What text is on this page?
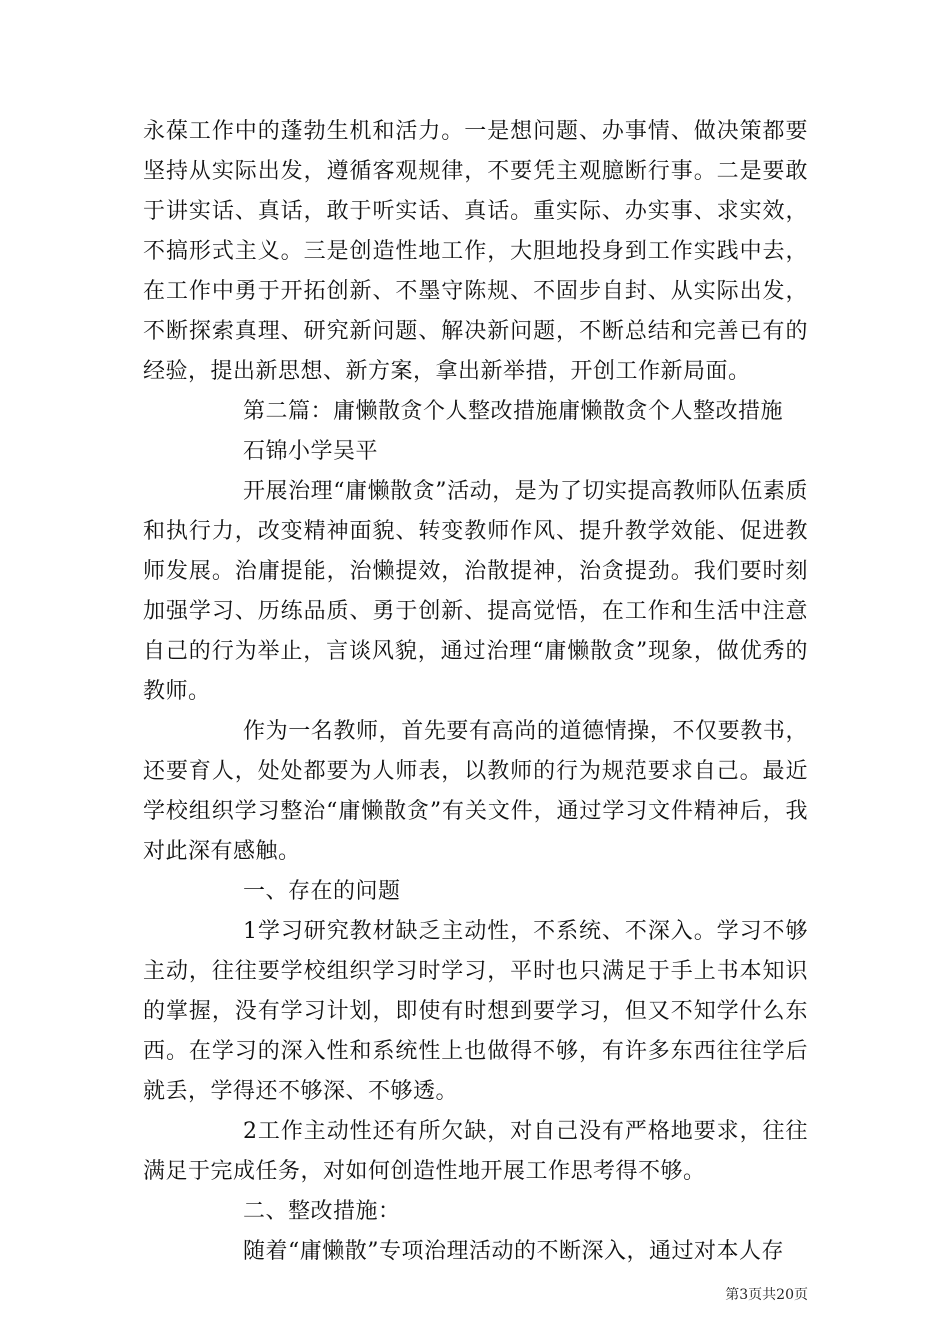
永葆工作中的蓬勃生机和活力。一是想问题、办事情、做决策都要坚持从实际出发，遵循客观规律，不要凭主观臆断行事。二是要敢于讲实话、真话，敢于听实话、真话。重实际、办实事、求实效，不搞形式主义。三是创造性地工作，大胆地投身到工作实践中去，在工作中勇于开拓创新、不墨守陈规、不固步自封、从实际出发，不断探索真理、研究新问题、解决新问题，不断总结和完善已有的经验，提出新思想、新方案，拿出新举措，开创工作新局面。

第二篇：庸懒散贪个人整改措施庸懒散贪个人整改措施

石锦小学吴平

开展治理“庸懒散贪”活动，是为了切实提高教师队伍素质和执行力，改变精神面貌、转变教师作风、提升教学效能、促进教师发展。治庸提能，治懒提效，治散提神，治贪提劲。我们要时刻加强学习、历练品质、勇于创新、提高觉悟，在工作和生活中注意自己的行为举止，言谈风貌，通过治理“庸懒散贪”现象，做优秀的教师。

作为一名教师，首先要有高尚的道德情操，不仅要教书，还要育人，处处都要为人师表，以教师的行为规范要求自己。最近学校组织学习整治“庸懒散贪”有关文件，通过学习文件精神后，我对此深有感触。

一、存在的问题

1学习研究教材缺乏主动性，不系统、不深入。学习不够主动，往往要学校组织学习时学习，平时也只满足于手上书本知识的掌握，没有学习计划，即使有时想到要学习，但又不知学什么东西。在学习的深入性和系统性上也做得不够，有许多东西往往学后就丢，学得还不够深、不够透。

2工作主动性还有所欠缺，对自己没有严格地要求，往往满足于完成任务，对如何创造性地开展工作思考得不够。

二、整改措施：

随着“庸懒散”专项治理活动的不断深入，通过对本人存

第3页共20页
